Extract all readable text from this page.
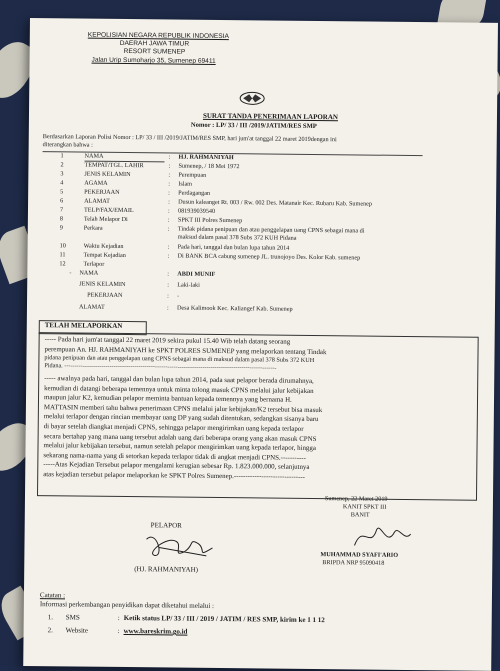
KEPOLISIAN NEGARA REPUBLIK INDONESIA
DAERAH JAWA TIMUR
RESORT SUMENEP
Jalan Urip Sumoharjo 35, Sumenep 69411
SURAT TANDA PENERIMAAN LAPORAN
Nomor : LP/ 33 / III /2019/JATIM/RES SMP
Berdasarkan Laporan Polisi Nomor : LP/ 33 / III /2019/JATIM/RES SMP, hari jum'at tanggal 22 maret 2019dengan ini
diterangkan bahwa :
1	NAMA	: HJ. RAHMANIYAH
2	TEMPAT/TGL. LAHIR	: Sumenep, / 18 Mei 1972
3	JENIS KELAMIN	: Perempuan
4	AGAMA	: Islam
5	PEKERJAAN	: Perdagangan
6	ALAMAT	: Dusun kaleanget Rt. 003 / Rw. 002 Des. Matanair Kec. Rubaru Kab. Sumenep
7	TELP/FAX/EMAIL	: 081939039540
8	Telah Melapor Di	: SPKT III Polres Sumenep
9	Perkara	: Tindak pidana penipuan dan atau penggelapan uang CPNS sebagai mana di
maksud dalam pasal 378 Subs 372 KUH Pidana
10	Waktu Kejadian	: Pada hari, tanggal dan bulan lupa tahun 2014
11	Tempat Kejadian	: Di BANK BCA cabung sumenep JL. trunojoyo Des. Kolor Kab. sumenep
12	Terlapor
- NAMA	: ABDI MUNIF
JENIS KELAMIN	: Laki-laki
PEKERJAAN	: -
ALAMAT	: Desa Kalimook Kec. Kaliangef Kab. Sumenep
TELAH MELAPORKAN
----- Pada hari jum'at tanggal 22 maret 2019 sekira pukul 15.40 Wib telah datang seorang
perempuan An. HJ. RAHMANIYAH ke SPKT POLRES SUMENEP yang melaporkan tentang Tindak
pidana penipuan dan atau penggelapan uang CPNS sebagai mana di maksud dalam pasal 378 Subs 372 KUH
Pidana. -------------------------------------------------------------------------------------------------------
----- awalnya pada hari, tanggal dan bulan lupa tahun 2014, pada saat pelapor berada dirumahnya,
kemudian di datangi beberapa temennya untuk minta tolong masuk CPNS melalui jalur kebijakan
maupun jalur K2, kemudian pelapor meminta bantuan kepada temennya yang bernama H.
MATTASIN memberi tahu bahwa penerimaan CPNS melalui jalur kebijakan/K2 tersebut bisa masuk
melalui terlapor dengan rincian membayar uang DP yang sudah ditentukan, sedangkan sisanya baru
di bayar setelah diangkat menjadi CPNS, sehingga pelapor mengirimkan uang kepada terlapor
secara bertahap yang mana uang tersebut adalah uang dari beberapa orang yang akan masuk CPNS
melalui jalur kebijakan tersebut, namun setelah pelapor mengirimkan uang kepada terlapor, hingga
sekarang nama-nama yang di setorkan kepada terlapor tidak di angkat menjadi CPNS.-----------
-----Atas Kejadian Tersebut pelapor mengalami kerugian sebesar Rp. 1.823.000.000, selanjutnya
atas kejadian tersebut pelapor melaporkan ke SPKT Polres Sumenep.-------------------------------
PELAPOR
(HJ. RAHMANIYAH)
Sumenep, 22 Maret 2019
KANIT SPKT III
BANIT
MUHAMMAD SYAFI'ARIO
BRIPDA NRP 95090418
Catatan :
Informasi perkembangan penyidikan dapat diketahui melalui :
1. SMS	: Ketik status LP/ 33 / III / 2019 / JATIM / RES SMP, kirim ke 1 1 12
2. Website	: www.bareskrim.go.id
